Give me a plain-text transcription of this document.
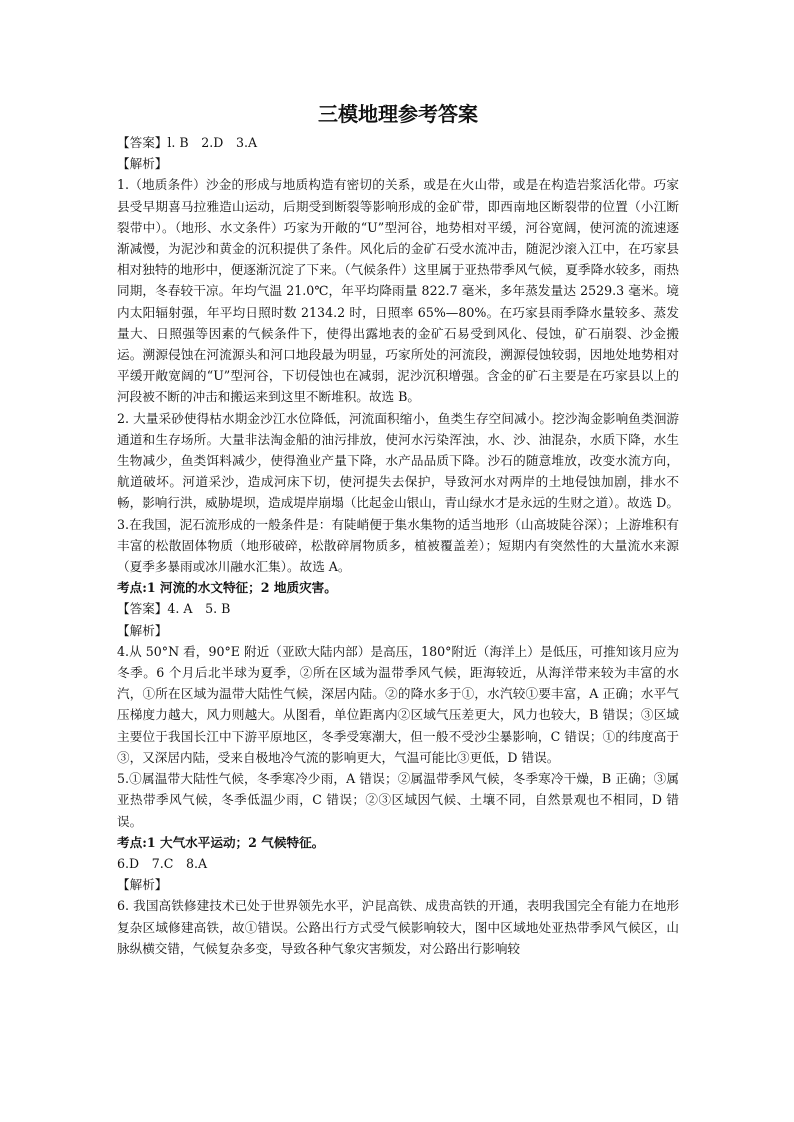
三模地理参考答案

【答案】l. B　2.D　3.A

【解析】

1.（地质条件）沙金的形成与地质构造有密切的关系，或是在火山带，或是在构造岩浆活化带。巧家县受早期喜马拉雅造山运动，后期受到断裂等影响形成的金矿带，即西南地区断裂带的位置（小江断裂带中）。（地形、水文条件）巧家为开敞的“U”型河谷，地势相对平缓，河谷宽阔，使河流的流速逐渐减慢，为泥沙和黄金的沉积提供了条件。风化后的金矿石受水流冲击，随泥沙滚入江中，在巧家县相对独特的地形中，便逐渐沉淀了下来。（气候条件）这里属于亚热带季风气候，夏季降水较多，雨热同期，冬春较干凉。年均气温 21.0℃，年平均降雨量 822.7 毫米，多年蒸发量达 2529.3 毫米。境内太阳辐射强，年平均日照时数 2134.2 时，日照率 65%—80%。在巧家县雨季降水量较多、蒸发量大、日照强等因素的气候条件下，使得出露地表的金矿石易受到风化、侵蚀，矿石崩裂、沙金搬运。溯源侵蚀在河流源头和河口地段最为明显，巧家所处的河流段，溯源侵蚀较弱，因地处地势相对平缓开敞宽阔的“U”型河谷，下切侵蚀也在减弱，泥沙沉积增强。含金的矿石主要是在巧家县以上的河段被不断的冲击和搬运来到这里不断堆积。故选 B。

2. 大量采砂使得枯水期金沙江水位降低，河流面积缩小，鱼类生存空间减小。挖沙淘金影响鱼类洄游通道和生存场所。大量非法淘金船的油污排放，使河水污染浑浊，水、沙、油混杂，水质下降，水生生物减少，鱼类饵料减少，使得渔业产量下降，水产品品质下降。沙石的随意堆放，改变水流方向，航道破坏。河道采沙，造成河床下切，使河提失去保护，导致河水对两岸的土地侵蚀加剧，排水不畅，影响行洪，威胁堤坝，造成堤岸崩塌（比起金山银山，青山绿水才是永远的生财之道）。故选 D。

3.在我国，泥石流形成的一般条件是：有陡峭便于集水集物的适当地形（山高坡陡谷深）；上游堆积有丰富的松散固体物质（地形破碎，松散碎屑物质多，植被覆盖差）；短期内有突然性的大量流水来源（夏季多暴雨或冰川融水汇集）。故选 A。

考点:1 河流的水文特征；2 地质灾害。

【答案】4. A　5. B

【解析】

4.从 50°N 看，90°E 附近（亚欧大陆内部）是高压，180°附近（海洋上）是低压，可推知该月应为冬季。6 个月后北半球为夏季，②所在区域为温带季风气候，距海较近，从海洋带来较为丰富的水汽，①所在区域为温带大陆性气候，深居内陆。②的降水多于①，水汽较①要丰富，A 正确；水平气压梯度力越大，风力则越大。从图看，单位距离内②区域气压差更大，风力也较大，B 错误；③区域主要位于我国长江中下游平原地区，冬季受寒潮大，但一般不受沙尘暴影响，C 错误；①的纬度高于③，又深居内陆，受来自极地冷气流的影响更大，气温可能比③更低，D 错误。

5.①属温带大陆性气候，冬季寒冷少雨，A 错误；②属温带季风气候，冬季寒冷干燥，B 正确；③属亚热带季风气候，冬季低温少雨，C 错误；②③区域因气候、土壤不同，自然景观也不相同，D 错误。

考点:1 大气水平运动；2 气候特征。

6.D　7.C　8.A

【解析】

6. 我国高铁修建技术已处于世界领先水平，沪昆高铁、成贵高铁的开通，表明我国完全有能力在地形复杂区域修建高铁，故①错误。公路出行方式受气候影响较大，图中区域地处亚热带季风气候区，山脉纵横交错，气候复杂多变，导致各种气象灾害频发，对公路出行影响较
